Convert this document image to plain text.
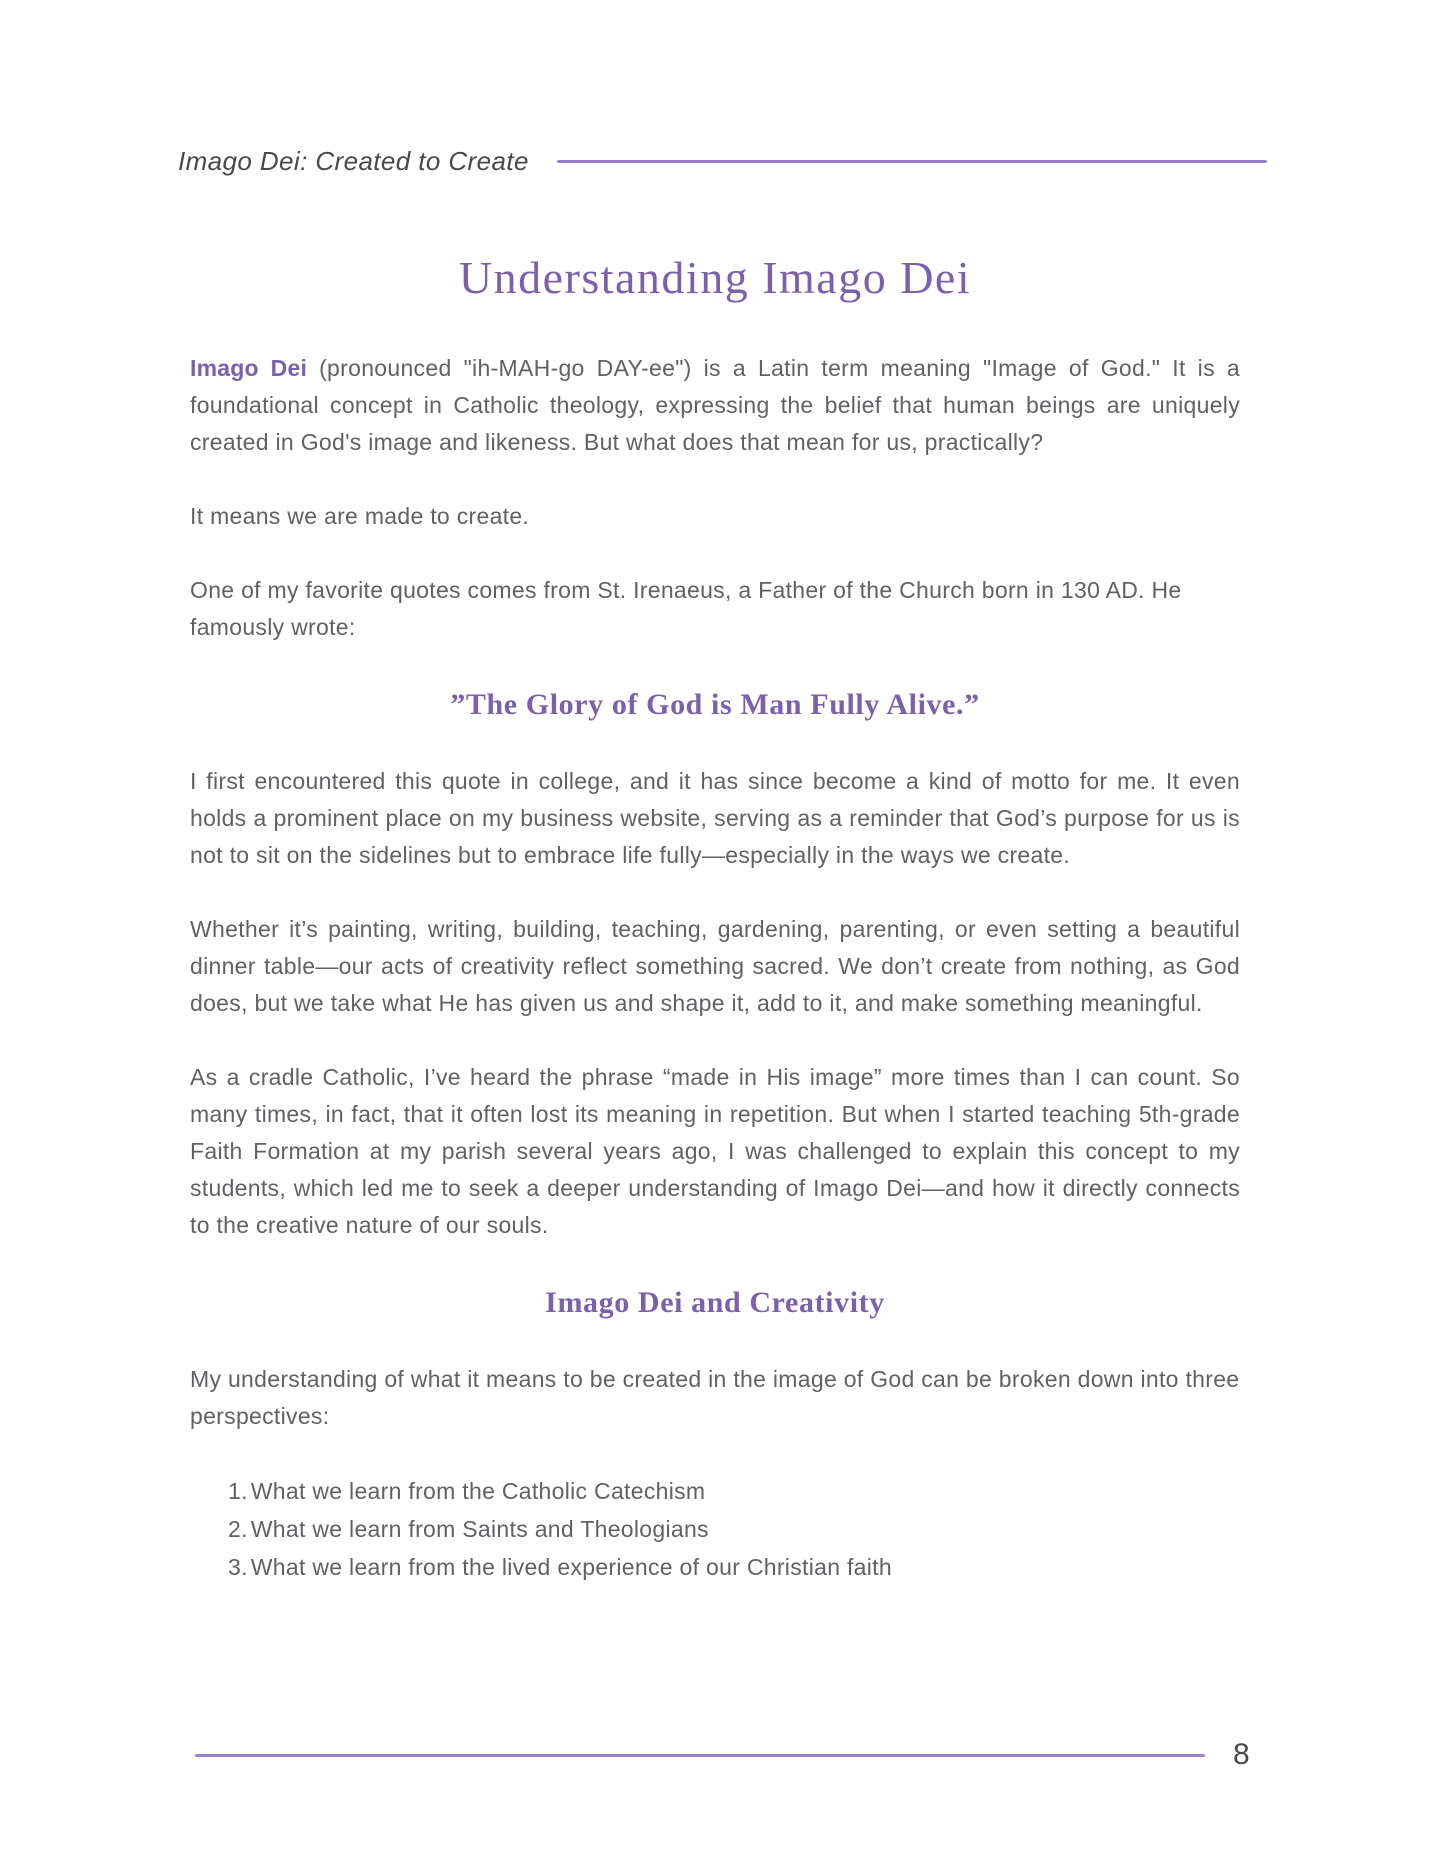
Imago Dei: Created to Create
Understanding Imago Dei

Imago Dei (pronounced "ih-MAH-go DAY-ee") is a Latin term meaning "Image of God." It is a foundational concept in Catholic theology, expressing the belief that human beings are uniquely created in God's image and likeness. But what does that mean for us, practically?

It means we are made to create.

One of my favorite quotes comes from St. Irenaeus, a Father of the Church born in 130 AD. He famously wrote:

”The Glory of God is Man Fully Alive.”

I first encountered this quote in college, and it has since become a kind of motto for me. It even holds a prominent place on my business website, serving as a reminder that God’s purpose for us is not to sit on the sidelines but to embrace life fully—especially in the ways we create.

Whether it’s painting, writing, building, teaching, gardening, parenting, or even setting a beautiful dinner table—our acts of creativity reflect something sacred. We don’t create from nothing, as God does, but we take what He has given us and shape it, add to it, and make something meaningful.

As a cradle Catholic, I’ve heard the phrase “made in His image” more times than I can count. So many times, in fact, that it often lost its meaning in repetition. But when I started teaching 5th-grade Faith Formation at my parish several years ago, I was challenged to explain this concept to my students, which led me to seek a deeper understanding of Imago Dei—and how it directly connects to the creative nature of our souls.

Imago Dei and Creativity

My understanding of what it means to be created in the image of God can be broken down into three perspectives:

1. What we learn from the Catholic Catechism
2. What we learn from Saints and Theologians
3. What we learn from the lived experience of our Christian faith
8
